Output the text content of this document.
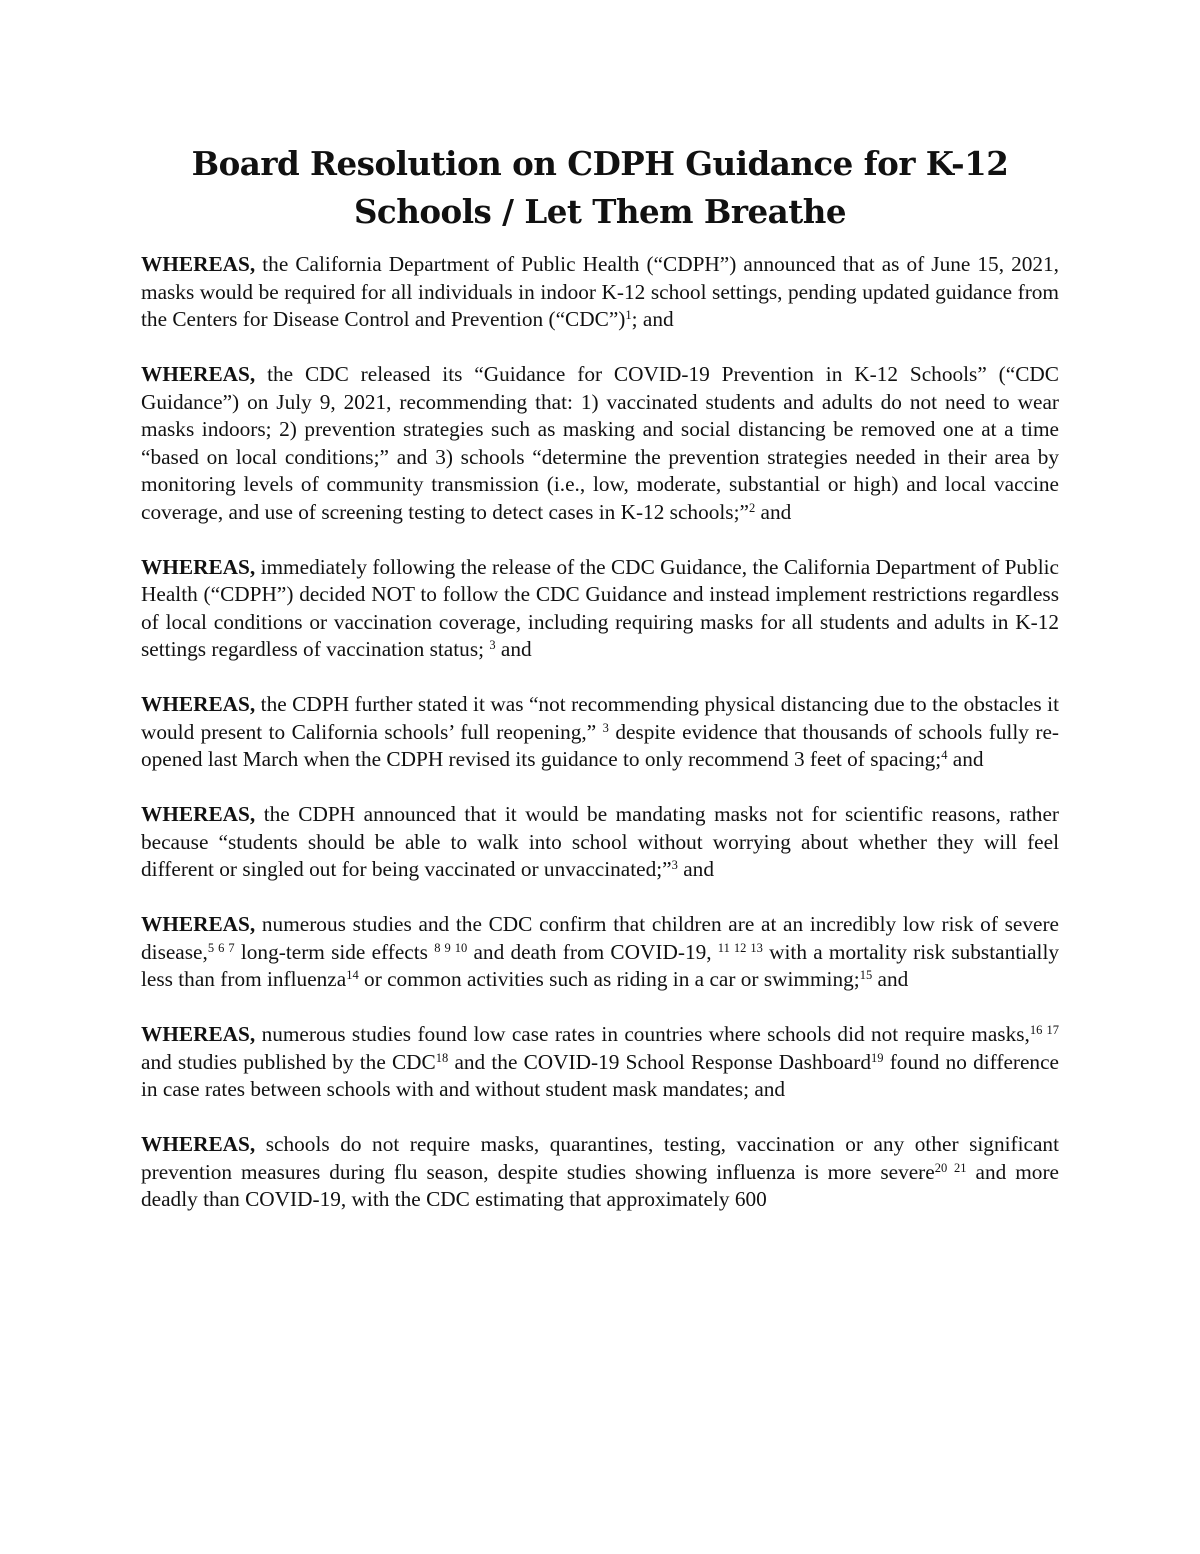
Board Resolution on CDPH Guidance for K-12
Schools / Let Them Breathe

WHEREAS, the California Department of Public Health (“CDPH”) announced that as of June 15, 2021, masks would be required for all individuals in indoor K-12 school settings, pending updated guidance from the Centers for Disease Control and Prevention (“CDC”)$^1$; and

WHEREAS, the CDC released its “Guidance for COVID-19 Prevention in K-12 Schools” (“CDC Guidance”) on July 9, 2021, recommending that: 1) vaccinated students and adults do not need to wear masks indoors; 2) prevention strategies such as masking and social distancing be removed one at a time “based on local conditions;” and 3) schools “determine the prevention strategies needed in their area by monitoring levels of community transmission (i.e., low, moderate, substantial or high) and local vaccine coverage, and use of screening testing to detect cases in K-12 schools;”$^2$ and

WHEREAS, immediately following the release of the CDC Guidance, the California Department of Public Health (“CDPH”) decided NOT to follow the CDC Guidance and instead implement restrictions regardless of local conditions or vaccination coverage, including requiring masks for all students and adults in K-12 settings regardless of vaccination status; $^3$ and

WHEREAS, the CDPH further stated it was “not recommending physical distancing due to the obstacles it would present to California schools’ full reopening,” $^3$ despite evidence that thousands of schools fully re-opened last March when the CDPH revised its guidance to only recommend 3 feet of spacing;$^4$ and

WHEREAS, the CDPH announced that it would be mandating masks not for scientific reasons, rather because “students should be able to walk into school without worrying about whether they will feel different or singled out for being vaccinated or unvaccinated;”$^3$ and

WHEREAS, numerous studies and the CDC confirm that children are at an incredibly low risk of severe disease,$^{5 6 7}$ long-term side effects $^{8 9 10}$ and death from COVID-19, $^{11 12 13}$ with a mortality risk substantially less than from influenza$^{14}$ or common activities such as riding in a car or swimming;$^{15}$ and

WHEREAS, numerous studies found low case rates in countries where schools did not require masks,$^{16 17}$ and studies published by the CDC$^{18}$ and the COVID-19 School Response Dashboard$^{19}$ found no difference in case rates between schools with and without student mask mandates; and

WHEREAS, schools do not require masks, quarantines, testing, vaccination or any other significant prevention measures during flu season, despite studies showing influenza is more severe$^{20 21}$ and more deadly than COVID-19, with the CDC estimating that approximately 600
